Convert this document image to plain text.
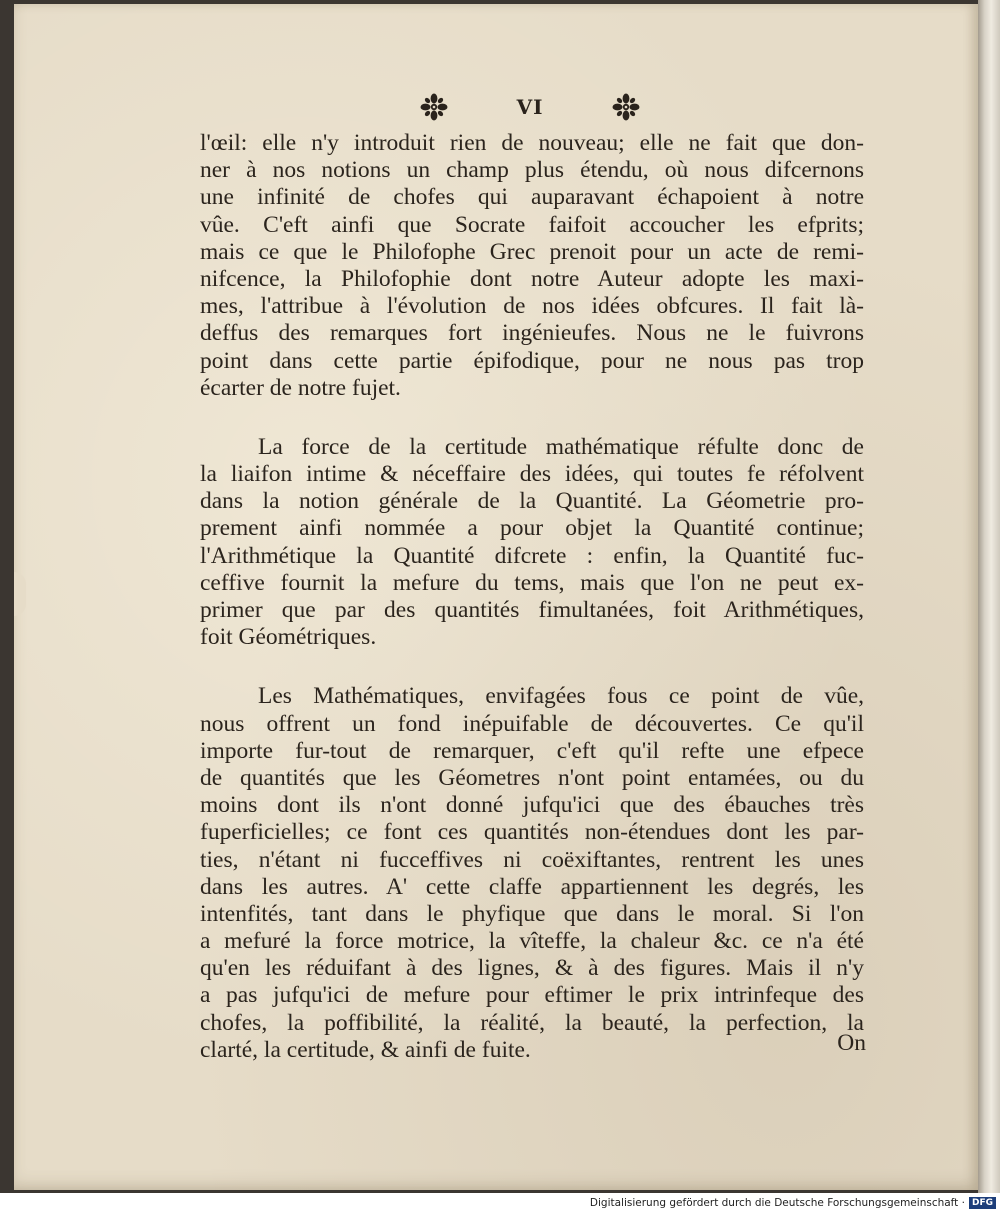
VI
l'œil: elle n'y introduit rien de nouveau; elle ne fait que don-
ner à nos notions un champ plus étendu, où nous difcernons
une infinité de chofes qui auparavant échapoient à notre
vûe. C'eft ainfi que Socrate faifoit accoucher les efprits;
mais ce que le Philofophe Grec prenoit pour un acte de remi-
nifcence, la Philofophie dont notre Auteur adopte les maxi-
mes, l'attribue à l'évolution de nos idées obfcures. Il fait là-
deffus des remarques fort ingénieufes. Nous ne le fuivrons
point dans cette partie épifodique, pour ne nous pas trop
écarter de notre fujet.
La force de la certitude mathématique réfulte donc de
la liaifon intime & néceffaire des idées, qui toutes fe réfolvent
dans la notion générale de la Quantité. La Géometrie pro-
prement ainfi nommée a pour objet la Quantité continue;
l'Arithmétique la Quantité difcrete : enfin, la Quantité fuc-
ceffive fournit la mefure du tems, mais que l'on ne peut ex-
primer que par des quantités fimultanées, foit Arithmétiques,
foit Géométriques.
Les Mathématiques, envifagées fous ce point de vûe,
nous offrent un fond inépuifable de découvertes. Ce qu'il
importe fur-tout de remarquer, c'eft qu'il refte une efpece
de quantités que les Géometres n'ont point entamées, ou du
moins dont ils n'ont donné jufqu'ici que des ébauches très
fuperficielles; ce font ces quantités non-étendues dont les par-
ties, n'étant ni fucceffives ni coëxiftantes, rentrent les unes
dans les autres. A' cette claffe appartiennent les degrés, les
intenfités, tant dans le phyfique que dans le moral. Si l'on
a mefuré la force motrice, la vîteffe, la chaleur &c. ce n'a été
qu'en les réduifant à des lignes, & à des figures. Mais il n'y
a pas jufqu'ici de mefure pour eftimer le prix intrinfeque des
chofes, la poffibilité, la réalité, la beauté, la perfection, la
clarté, la certitude, & ainfi de fuite.	On
Digitalisierung gefördert durch die Deutsche Forschungsgemeinschaft · DFG
